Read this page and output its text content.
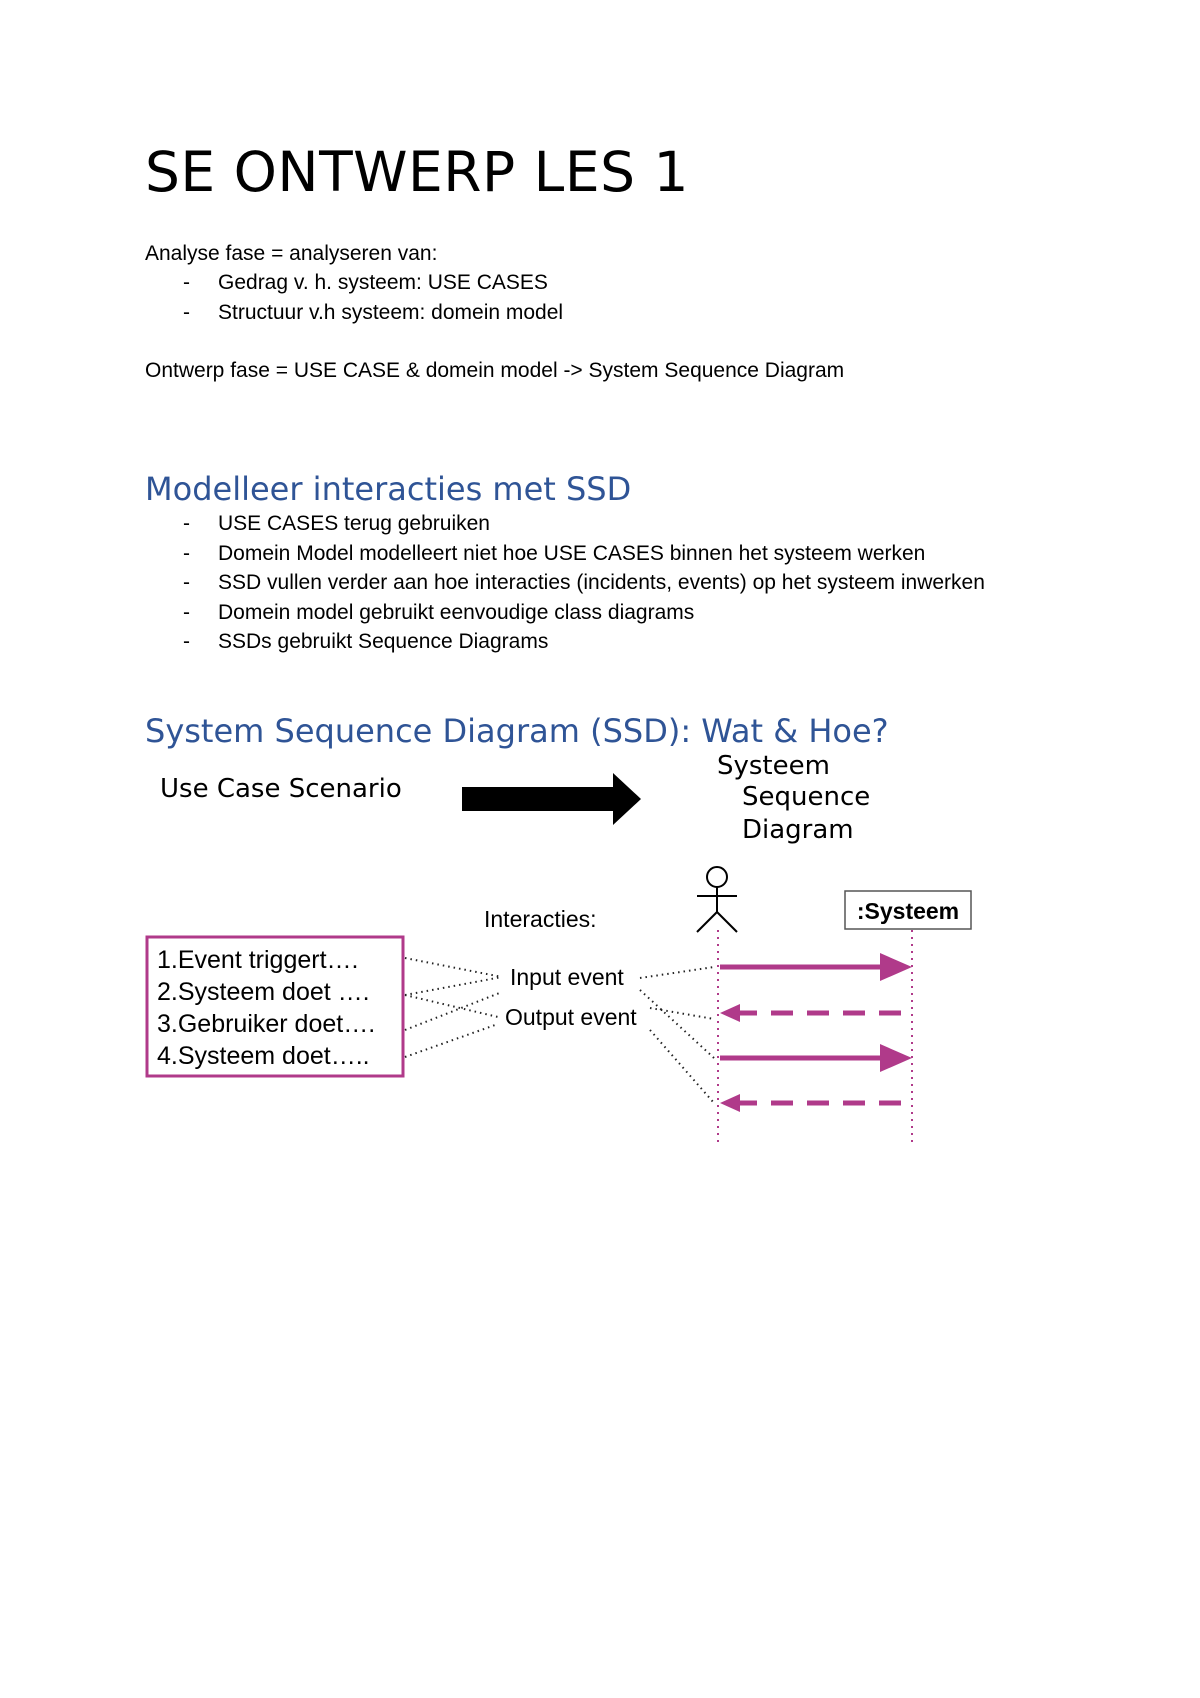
SE ONTWERP LES 1
Analyse fase = analyseren van:
- Gedrag v. h. systeem: USE CASES
- Structuur v.h systeem: domein model
Ontwerp fase = USE CASE & domein model -> System Sequence Diagram
Modelleer interacties met SSD
- USE CASES terug gebruiken
- Domein Model modelleert niet hoe USE CASES binnen het systeem werken
- SSD vullen verder aan hoe interacties (incidents, events) op het systeem inwerken
- Domein model gebruikt eenvoudige class diagrams
- SSDs gebruikt Sequence Diagrams
System Sequence Diagram (SSD): Wat & Hoe?
Use Case Scenario
Systeem
Sequence
Diagram
Interacties:	:Systeem
1.Event triggert….
2.Systeem doet ….
3.Gebruiker doet….
4.Systeem doet…..
Input event
Output event
